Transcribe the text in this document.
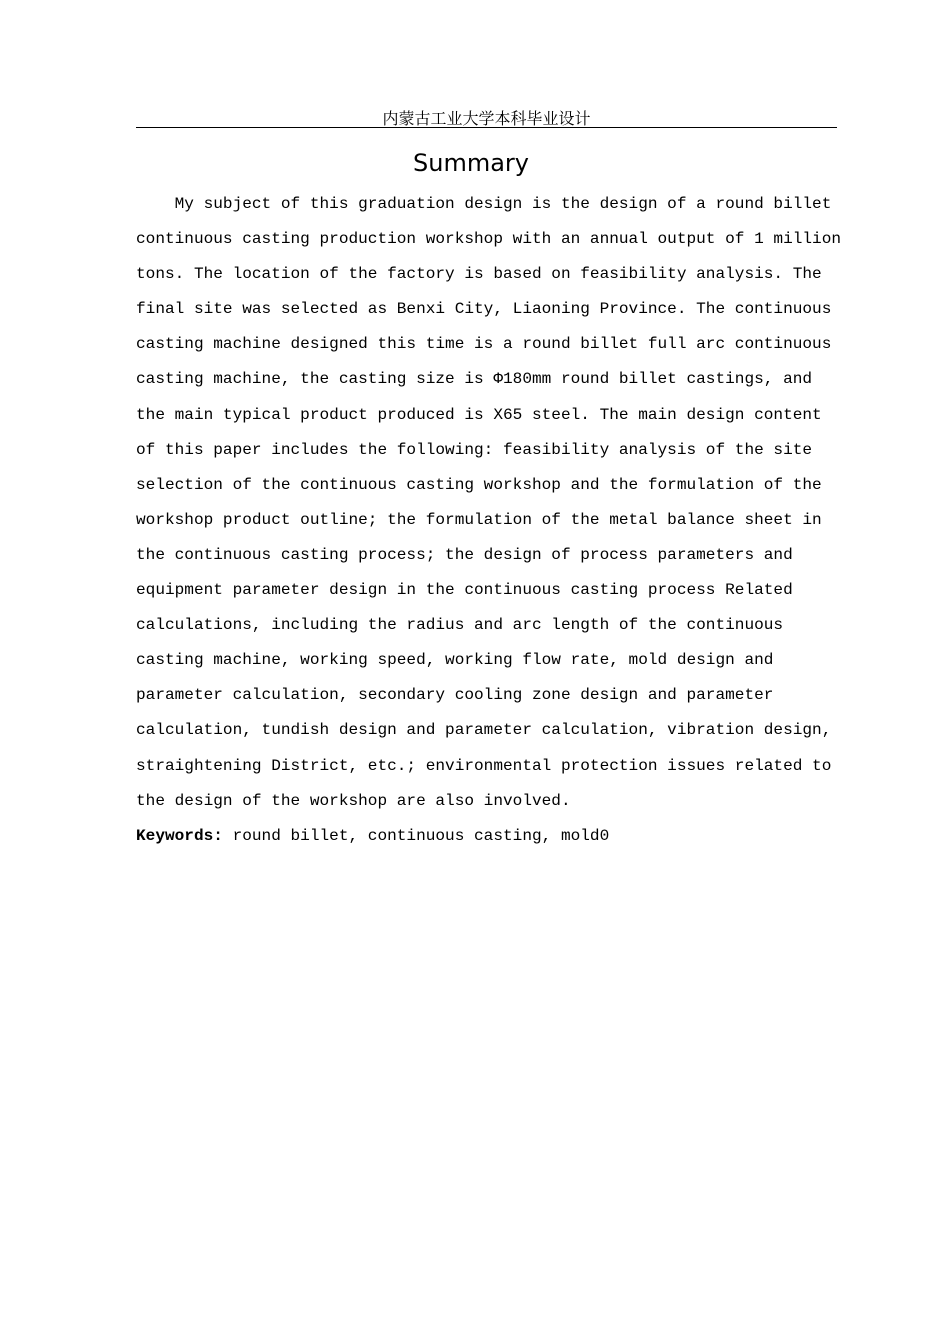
内蒙古工业大学本科毕业设计
Summary
My subject of this graduation design is the design of a round billet
continuous casting production workshop with an annual output of 1 million
tons. The location of the factory is based on feasibility analysis. The
final site was selected as Benxi City, Liaoning Province. The continuous
casting machine designed this time is a round billet full arc continuous
casting machine, the casting size is Φ180mm round billet castings, and
the main typical product produced is X65 steel. The main design content
of this paper includes the following: feasibility analysis of the site
selection of the continuous casting workshop and the formulation of the
workshop product outline; the formulation of the metal balance sheet in
the continuous casting process; the design of process parameters and
equipment parameter design in the continuous casting process Related
calculations, including the radius and arc length of the continuous
casting machine, working speed, working flow rate, mold design and
parameter calculation, secondary cooling zone design and parameter
calculation, tundish design and parameter calculation, vibration design,
straightening District, etc.; environmental protection issues related to
the design of the workshop are also involved.
Keywords: round billet, continuous casting, mold0
